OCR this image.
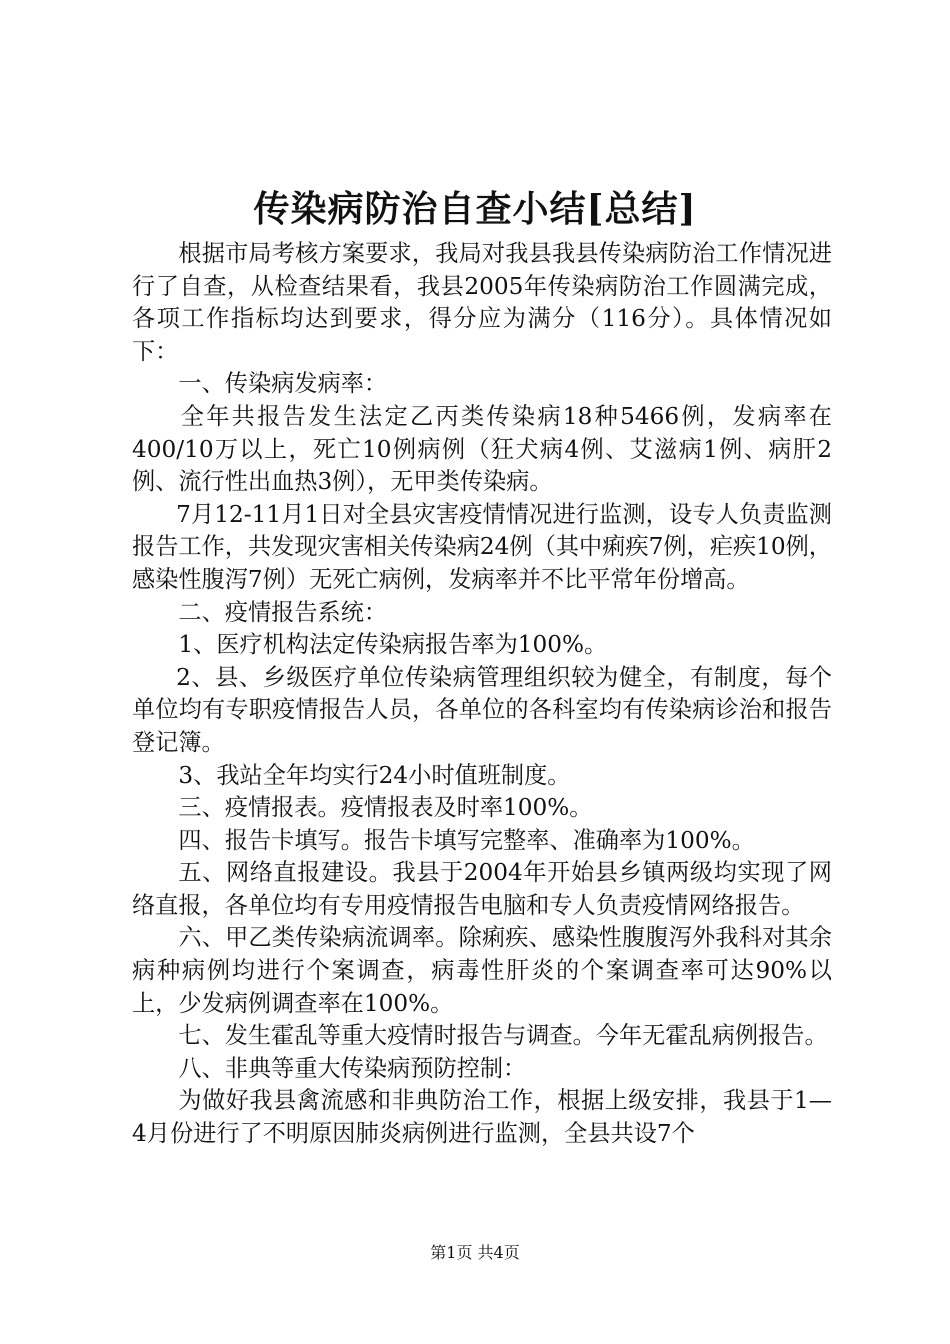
传染病防治自查小结[总结]

根据市局考核方案要求，我局对我县我县传染病防治工作情况进行了自查，从检查结果看，我县2005年传染病防治工作圆满完成，各项工作指标均达到要求，得分应为满分（116分）。具体情况如下：

一、传染病发病率：

全年共报告发生法定乙丙类传染病18种5466例，发病率在400/10万以上，死亡10例病例（狂犬病4例、艾滋病1例、病肝2例、流行性出血热3例），无甲类传染病。

7月12-11月1日对全县灾害疫情情况进行监测，设专人负责监测报告工作，共发现灾害相关传染病24例（其中痢疾7例，疟疾10例，感染性腹泻7例）无死亡病例，发病率并不比平常年份增高。

二、疫情报告系统：

1、医疗机构法定传染病报告率为100%。

2、县、乡级医疗单位传染病管理组织较为健全，有制度，每个单位均有专职疫情报告人员，各单位的各科室均有传染病诊治和报告登记簿。

3、我站全年均实行24小时值班制度。

三、疫情报表。疫情报表及时率100%。

四、报告卡填写。报告卡填写完整率、准确率为100%。

五、网络直报建设。我县于2004年开始县乡镇两级均实现了网络直报，各单位均有专用疫情报告电脑和专人负责疫情网络报告。

六、甲乙类传染病流调率。除痢疾、感染性腹腹泻外我科对其余病种病例均进行个案调查，病毒性肝炎的个案调查率可达90%以上，少发病例调查率在100%。

七、发生霍乱等重大疫情时报告与调查。今年无霍乱病例报告。

八、非典等重大传染病预防控制：

为做好我县禽流感和非典防治工作，根据上级安排，我县于1—4月份进行了不明原因肺炎病例进行监测，全县共设7个

第1页 共4页
